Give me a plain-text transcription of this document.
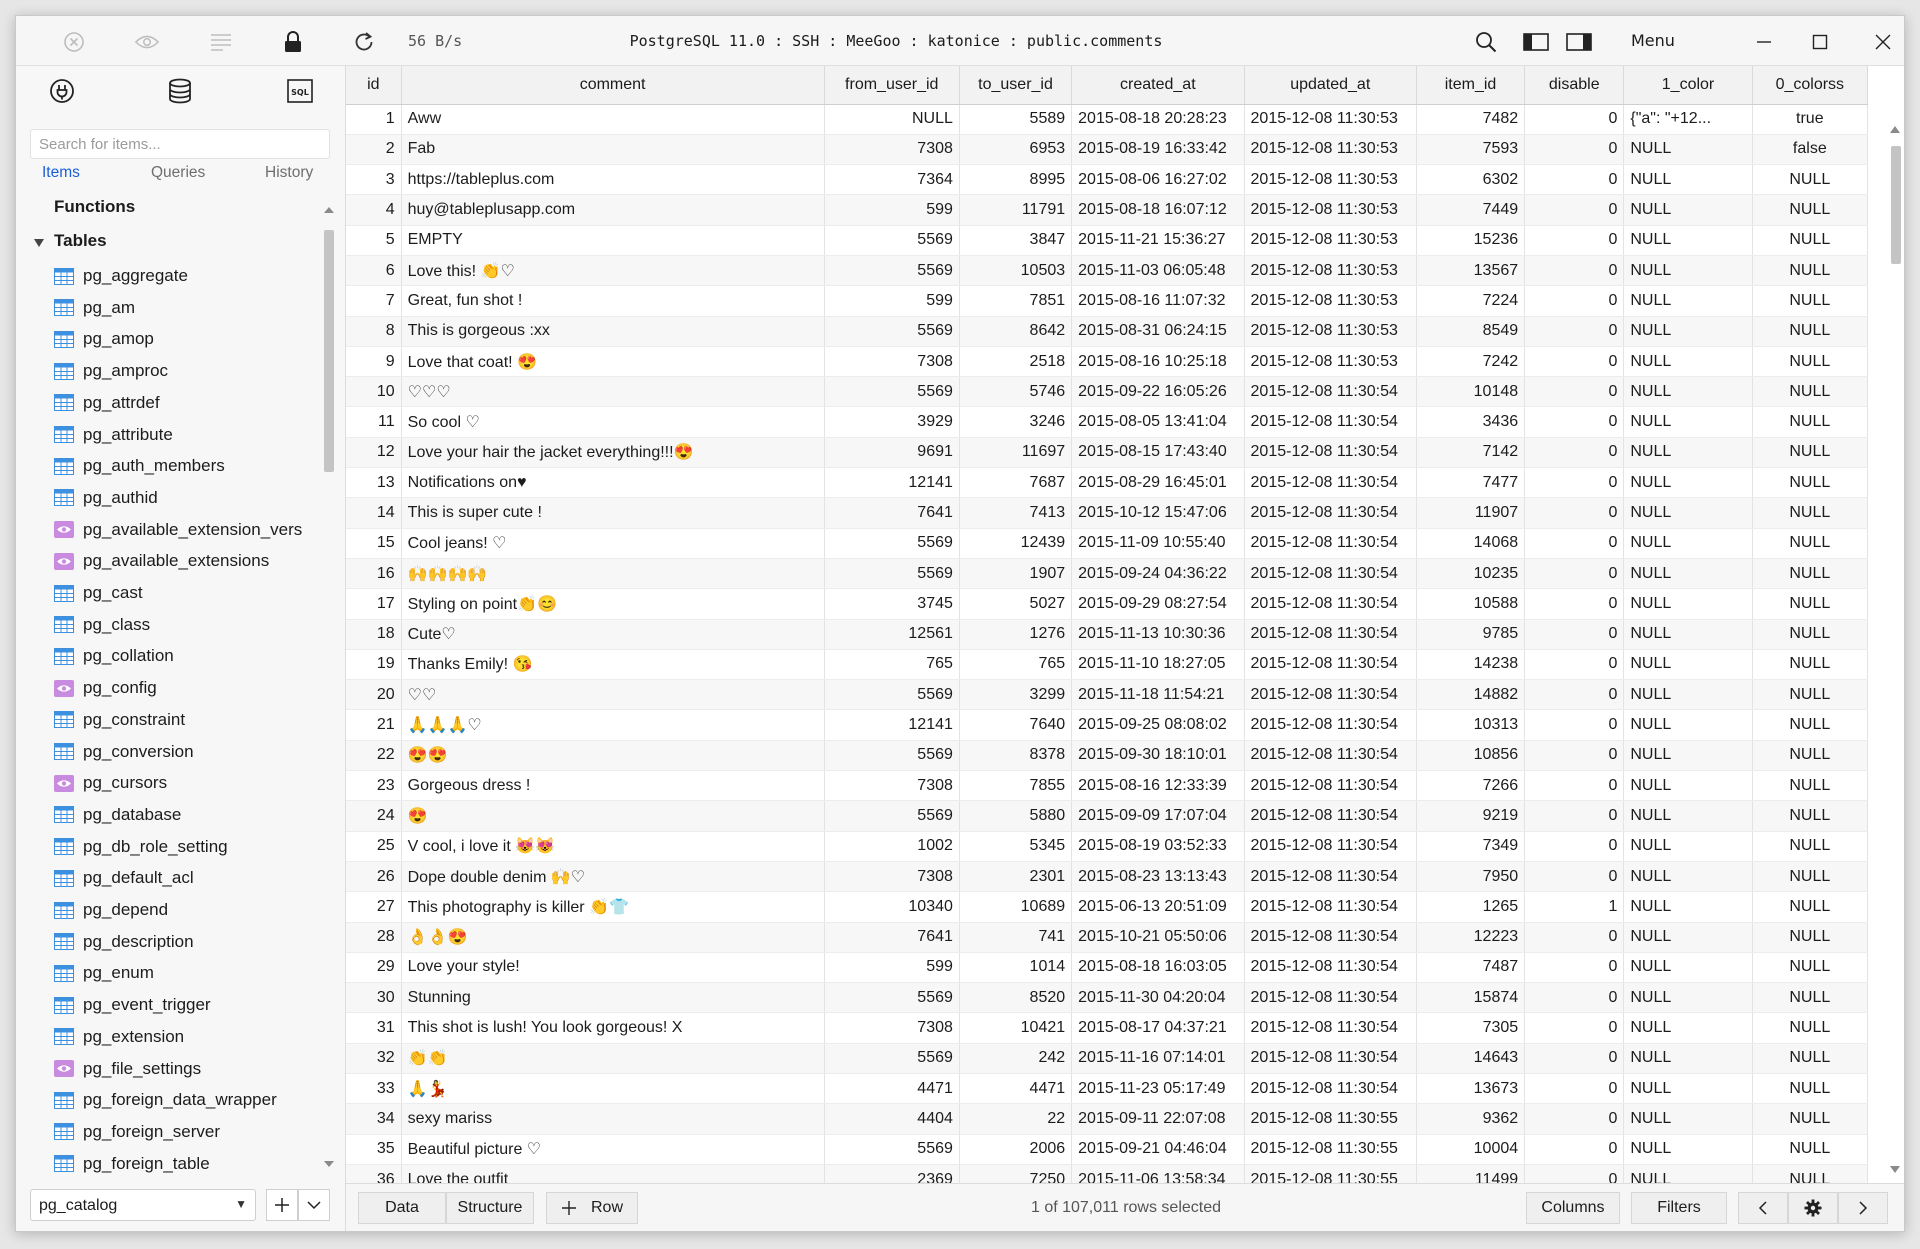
56 B/s	PostgreSQL 11.0 : SSH : MeeGoo : katonice : public.comments	Menu
SQL
Search for items...
Items	Queries	History
Functions
Tables
pg_aggregate
pg_am
pg_amop
pg_amproc
pg_attrdef
pg_attribute
pg_auth_members
pg_authid
pg_available_extension_vers
pg_available_extensions
pg_cast
pg_class
pg_collation
pg_config
pg_constraint
pg_conversion
pg_cursors
pg_database
pg_db_role_setting
pg_default_acl
pg_depend
pg_description
pg_enum
pg_event_trigger
pg_extension
pg_file_settings
pg_foreign_data_wrapper
pg_foreign_server
pg_foreign_table
pg_catalog	▼
id	comment	from_user_id	to_user_id	created_at	updated_at	item_id	disable	1_color	0_colorss
1	Aww	NULL	5589	2015-08-18 20:28:23	2015-12-08 11:30:53	7482	0	{"a": "+12...	true
2	Fab	7308	6953	2015-08-19 16:33:42	2015-12-08 11:30:53	7593	0	NULL	false
3	https://tableplus.com	7364	8995	2015-08-06 16:27:02	2015-12-08 11:30:53	6302	0	NULL	NULL
4	huy@tableplusapp.com	599	11791	2015-08-18 16:07:12	2015-12-08 11:30:53	7449	0	NULL	NULL
5	EMPTY	5569	3847	2015-11-21 15:36:27	2015-12-08 11:30:53	15236	0	NULL	NULL
6	Love this! 👏♡	5569	10503	2015-11-03 06:05:48	2015-12-08 11:30:53	13567	0	NULL	NULL
7	Great, fun shot !	599	7851	2015-08-16 11:07:32	2015-12-08 11:30:53	7224	0	NULL	NULL
8	This is gorgeous :xx	5569	8642	2015-08-31 06:24:15	2015-12-08 11:30:53	8549	0	NULL	NULL
9	Love that coat! 😍	7308	2518	2015-08-16 10:25:18	2015-12-08 11:30:53	7242	0	NULL	NULL
10	♡♡♡	5569	5746	2015-09-22 16:05:26	2015-12-08 11:30:54	10148	0	NULL	NULL
11	So cool ♡	3929	3246	2015-08-05 13:41:04	2015-12-08 11:30:54	3436	0	NULL	NULL
12	Love your hair the jacket everything!!!😍	9691	11697	2015-08-15 17:43:40	2015-12-08 11:30:54	7142	0	NULL	NULL
13	Notifications on♥	12141	7687	2015-08-29 16:45:01	2015-12-08 11:30:54	7477	0	NULL	NULL
14	This is super cute !	7641	7413	2015-10-12 15:47:06	2015-12-08 11:30:54	11907	0	NULL	NULL
15	Cool jeans! ♡	5569	12439	2015-11-09 10:55:40	2015-12-08 11:30:54	14068	0	NULL	NULL
16	🙌🙌🙌🙌	5569	1907	2015-09-24 04:36:22	2015-12-08 11:30:54	10235	0	NULL	NULL
17	Styling on point👏😊	3745	5027	2015-09-29 08:27:54	2015-12-08 11:30:54	10588	0	NULL	NULL
18	Cute♡	12561	1276	2015-11-13 10:30:36	2015-12-08 11:30:54	9785	0	NULL	NULL
19	Thanks Emily! 😘	765	765	2015-11-10 18:27:05	2015-12-08 11:30:54	14238	0	NULL	NULL
20	♡♡	5569	3299	2015-11-18 11:54:21	2015-12-08 11:30:54	14882	0	NULL	NULL
21	🙏🙏🙏♡	12141	7640	2015-09-25 08:08:02	2015-12-08 11:30:54	10313	0	NULL	NULL
22	😍😍	5569	8378	2015-09-30 18:10:01	2015-12-08 11:30:54	10856	0	NULL	NULL
23	Gorgeous dress !	7308	7855	2015-08-16 12:33:39	2015-12-08 11:30:54	7266	0	NULL	NULL
24	😍	5569	5880	2015-09-09 17:07:04	2015-12-08 11:30:54	9219	0	NULL	NULL
25	V cool, i love it 😻😻	1002	5345	2015-08-19 03:52:33	2015-12-08 11:30:54	7349	0	NULL	NULL
26	Dope double denim 🙌♡	7308	2301	2015-08-23 13:13:43	2015-12-08 11:30:54	7950	0	NULL	NULL
27	This photography is killer 👏👕	10340	10689	2015-06-13 20:51:09	2015-12-08 11:30:54	1265	1	NULL	NULL
28	👌👌😍	7641	741	2015-10-21 05:50:06	2015-12-08 11:30:54	12223	0	NULL	NULL
29	Love your style!	599	1014	2015-08-18 16:03:05	2015-12-08 11:30:54	7487	0	NULL	NULL
30	Stunning	5569	8520	2015-11-30 04:20:04	2015-12-08 11:30:54	15874	0	NULL	NULL
31	This shot is lush! You look gorgeous! X	7308	10421	2015-08-17 04:37:21	2015-12-08 11:30:54	7305	0	NULL	NULL
32	👏👏	5569	242	2015-11-16 07:14:01	2015-12-08 11:30:54	14643	0	NULL	NULL
33	🙏💃	4471	4471	2015-11-23 05:17:49	2015-12-08 11:30:54	13673	0	NULL	NULL
34	sexy mariss	4404	22	2015-09-11 22:07:08	2015-12-08 11:30:55	9362	0	NULL	NULL
35	Beautiful picture ♡	5569	2006	2015-09-21 04:46:04	2015-12-08 11:30:55	10004	0	NULL	NULL
36	Love the outfit	2369	7250	2015-11-06 13:58:34	2015-12-08 11:30:55	11499	0	NULL	NULL
Data	Structure	Row	1 of 107,011 rows selected	Columns	Filters
